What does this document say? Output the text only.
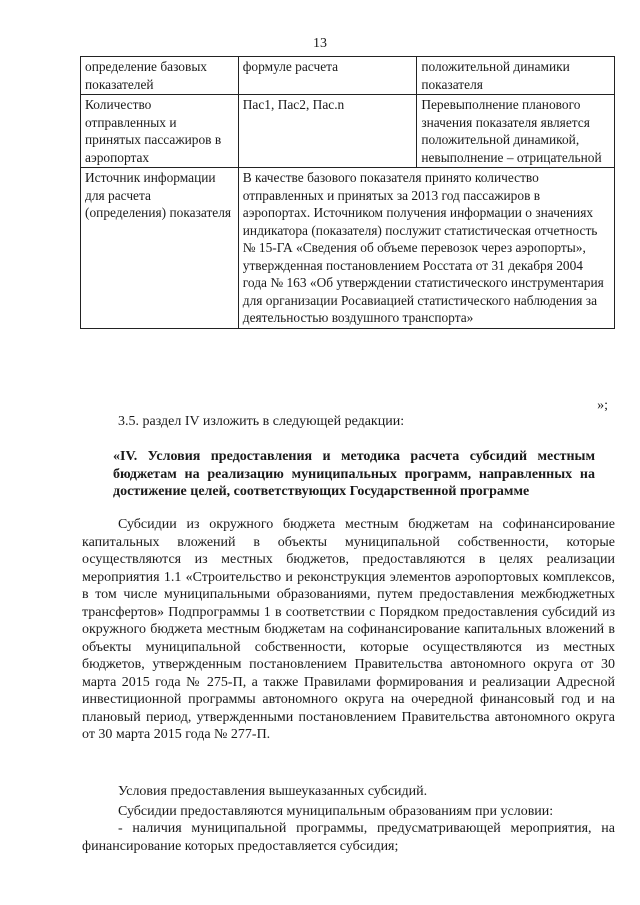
13
определение базовых показателей	формуле расчета	положительной динамики показателя
Количество отправленных и принятых пассажиров в аэропортах	Пас1, Пас2, Пас.n	Перевыполнение планового значения показателя является положительной динамикой, невыполнение – отрицательной
Источник информации для расчета (определения) показателя	В качестве базового показателя принято количество отправленных и принятых за 2013 год пассажиров в аэропортах. Источником получения информации о значениях индикатора (показателя) послужит статистическая отчетность № 15-ГА «Сведения об объеме перевозок через аэропорты», утвержденная постановлением Росстата от 31 декабря 2004 года № 163 «Об утверждении статистического инструментария для организации Росавиацией статистического наблюдения за деятельностью воздушного транспорта»	
»;

3.5. раздел IV изложить в следующей редакции:

«IV. Условия предоставления и методика расчета субсидий местным бюджетам на реализацию муниципальных программ, направленных на достижение целей, соответствующих Государственной программе

Субсидии из окружного бюджета местным бюджетам на софинансирование капитальных вложений в объекты муниципальной собственности, которые осуществляются из местных бюджетов, предоставляются в целях реализации мероприятия 1.1 «Строительство и реконструкция элементов аэропортовых комплексов, в том числе муниципальными образованиями, путем предоставления межбюджетных трансфертов» Подпрограммы 1 в соответствии с Порядком предоставления субсидий из окружного бюджета местным бюджетам на софинансирование капитальных вложений в объекты муниципальной собственности, которые осуществляются из местных бюджетов, утвержденным постановлением Правительства автономного округа от 30 марта 2015 года № 275-П, а также Правилами формирования и реализации Адресной инвестиционной программы автономного округа на очередной финансовый год и на плановый период, утвержденными постановлением Правительства автономного округа от 30 марта 2015 года № 277-П.

Условия предоставления вышеуказанных субсидий.

Субсидии предоставляются муниципальным образованиям при условии:

- наличия муниципальной программы, предусматривающей мероприятия, на финансирование которых предоставляется субсидия;
